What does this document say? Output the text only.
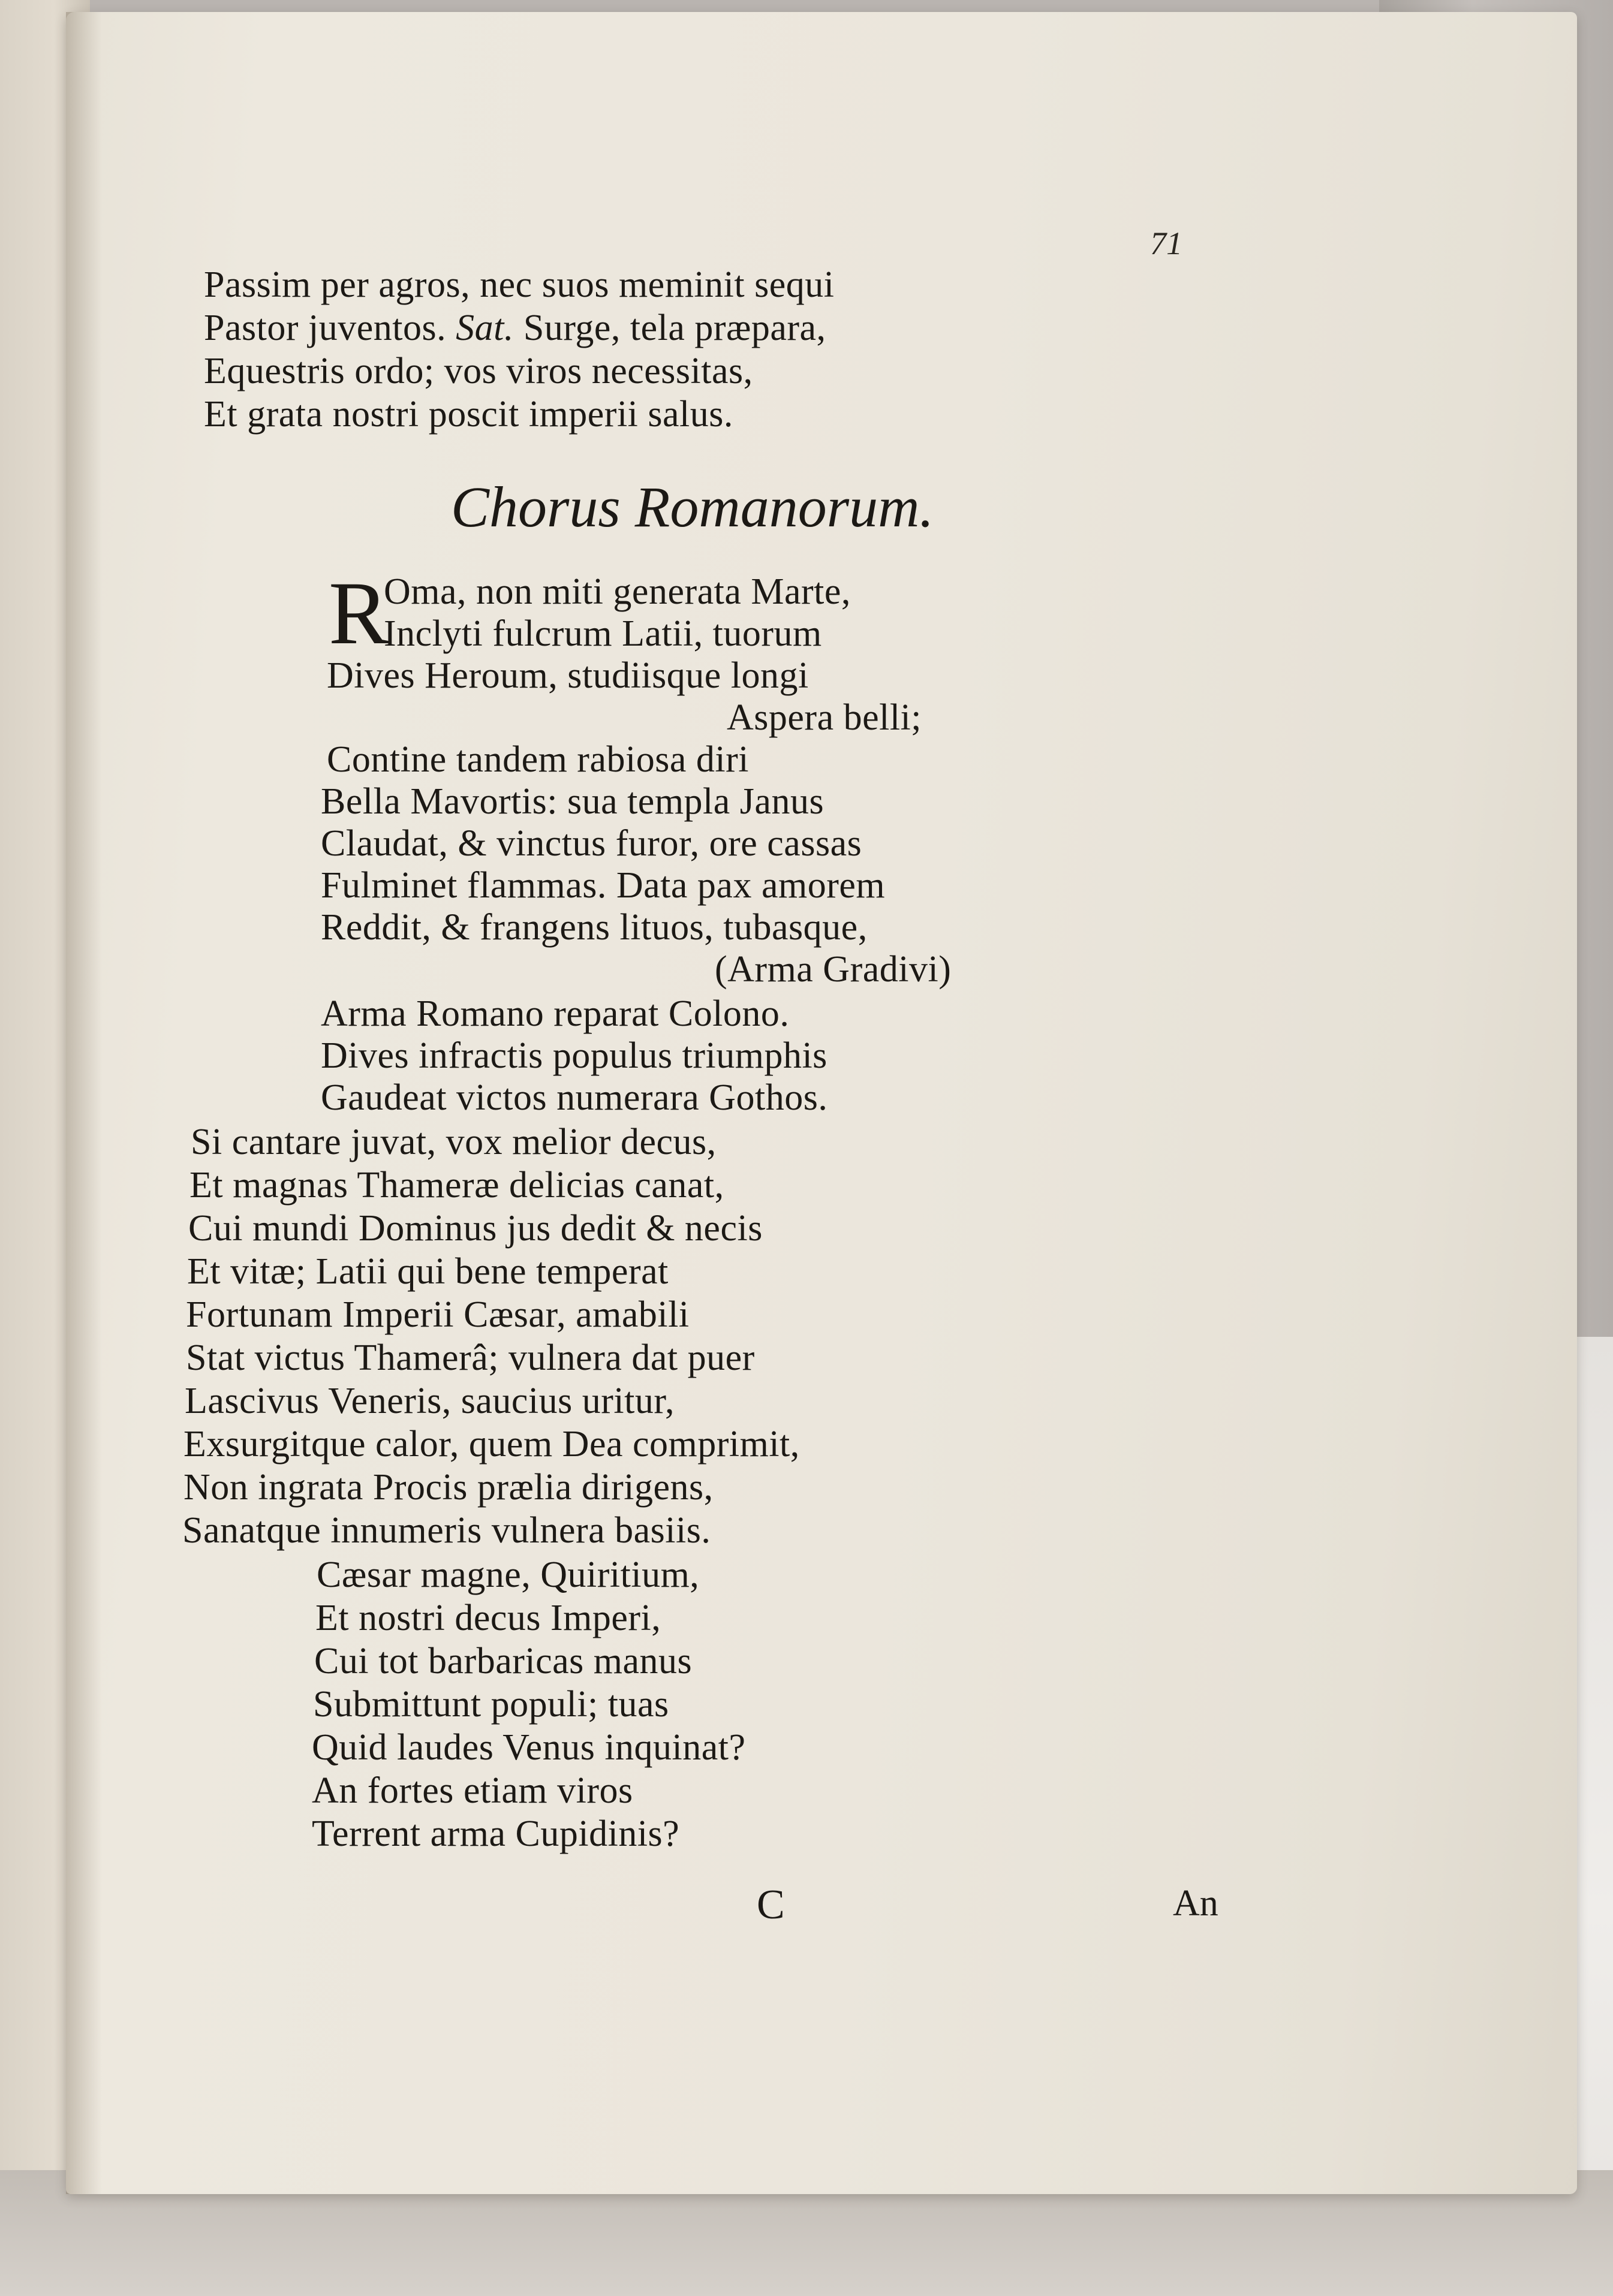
71
Passim per agros, nec suos meminit sequi
Pastor juventos. Sat. Surge, tela præpara,
Equestris ordo; vos viros necessitas,
Et grata nostri poscit imperii salus.
Chorus Romanorum.
R
Oma, non miti generata Marte,
Inclyti fulcrum Latii, tuorum
Dives Heroum, studiisque longi
Aspera belli;
Contine tandem rabiosa diri
Bella Mavortis: sua templa Janus
Claudat, & vinctus furor, ore cassas
Fulminet flammas. Data pax amorem
Reddit, & frangens lituos, tubasque,
(Arma Gradivi)
Arma Romano reparat Colono.
Dives infractis populus triumphis
Gaudeat victos numerara Gothos.
Si cantare juvat, vox melior decus,
Et magnas Thameræ delicias canat,
Cui mundi Dominus jus dedit & necis
Et vitæ; Latii qui bene temperat
Fortunam Imperii Cæsar, amabili
Stat victus Thamerâ; vulnera dat puer
Lascivus Veneris, saucius uritur,
Exsurgitque calor, quem Dea comprimit,
Non ingrata Procis prælia dirigens,
Sanatque innumeris vulnera basiis.
Cæsar magne, Quiritium,
Et nostri decus Imperi,
Cui tot barbaricas manus
Submittunt populi; tuas
Quid laudes Venus inquinat?
An fortes etiam viros
Terrent arma Cupidinis?
C	An
